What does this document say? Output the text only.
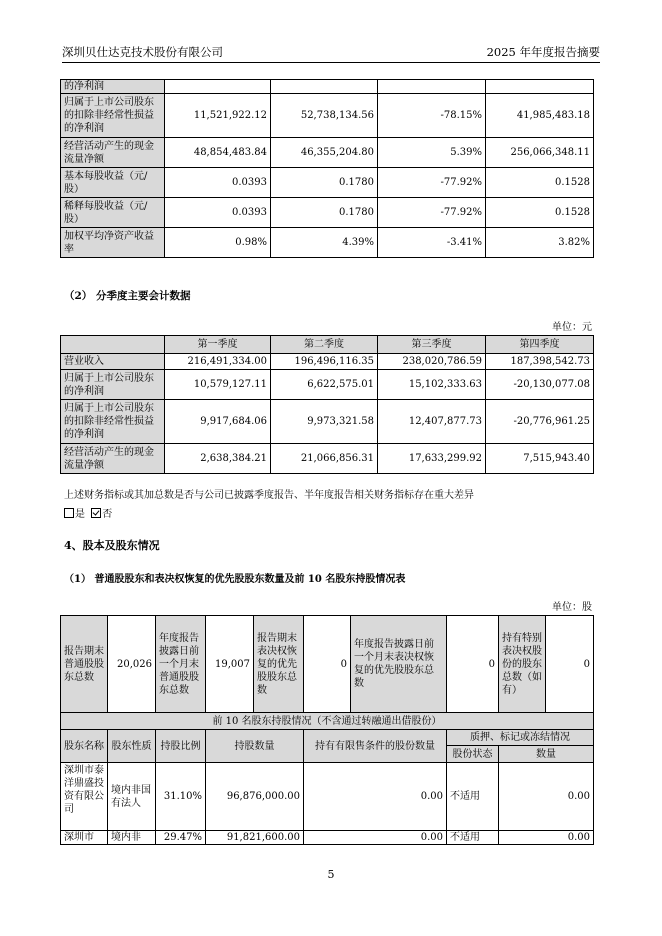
深圳贝仕达克技术股份有限公司	2025 年年度报告摘要
的净利润				
归属于上市公司股东的扣除非经常性损益的净利润	11,521,922.12	52,738,134.56	-78.15%	41,985,483.18
经营活动产生的现金流量净额	48,854,483.84	46,355,204.80	5.39%	256,066,348.11
基本每股收益（元/股）	0.0393	0.1780	-77.92%	0.1528
稀释每股收益（元/股）	0.0393	0.1780	-77.92%	0.1528
加权平均净资产收益率	0.98%	4.39%	-3.41%	3.82%
（2） 分季度主要会计数据
单位：元
	第一季度	第二季度	第三季度	第四季度
营业收入	216,491,334.00	196,496,116.35	238,020,786.59	187,398,542.73
归属于上市公司股东的净利润	10,579,127.11	6,622,575.01	15,102,333.63	-20,130,077.08
归属于上市公司股东的扣除非经常性损益的净利润	9,917,684.06	9,973,321.58	12,407,877.73	-20,776,961.25
经营活动产生的现金流量净额	2,638,384.21	21,066,856.31	17,633,299.92	7,515,943.40
上述财务指标或其加总数是否与公司已披露季度报告、半年度报告相关财务指标存在重大差异
是 否
4、股本及股东情况
（1） 普通股股东和表决权恢复的优先股股东数量及前 10 名股东持股情况表
单位：股
报告期末普通股股东总数	20,026	年度报告披露日前一个月末普通股股东总数	19,007	报告期末表决权恢复的优先股股东总数	0	年度报告披露日前一个月末表决权恢复的优先股股东总数	0	持有特别表决权股份的股东总数（如有）	0
前 10 名股东持股情况（不含通过转融通出借股份）									
股东名称	股东性质	持股比例	持股数量		持有有限售条件的股份数量		质押、标记或冻结情况		
							股份状态	数量	
深圳市泰洋鼎盛投资有限公司	境内非国有法人	31.10%	96,876,000.00		0.00		不适用	0.00	
深圳市	境内非	29.47%	91,821,600.00		0.00		不适用	0.00	
5
